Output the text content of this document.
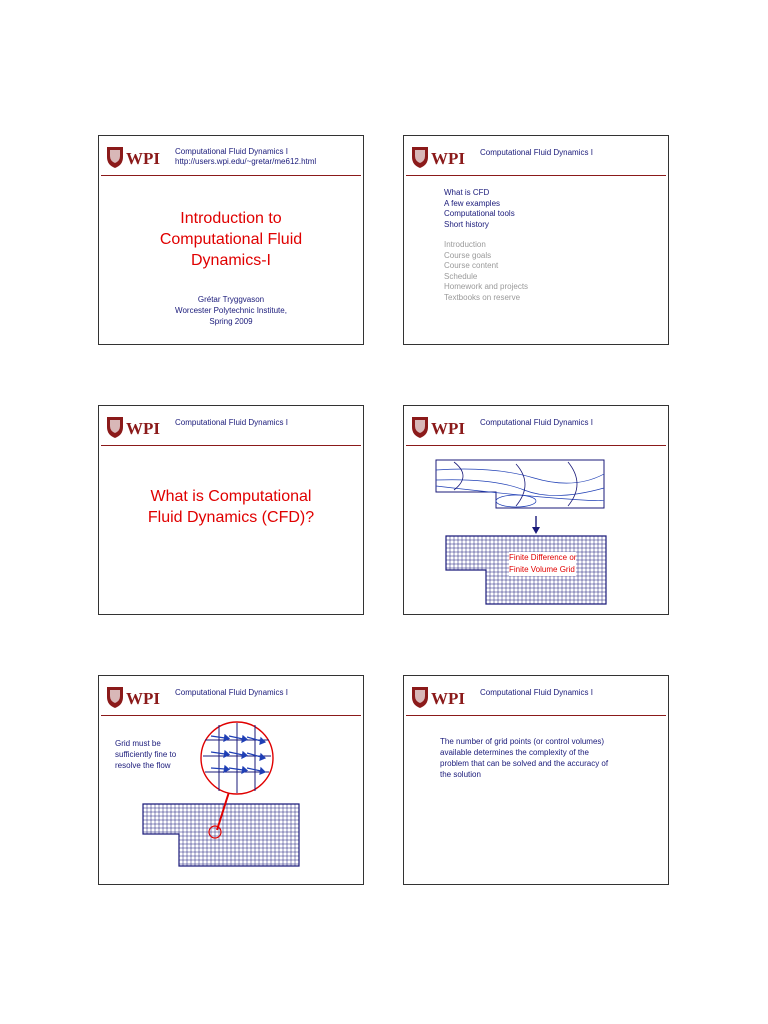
WPI Computational Fluid Dynamics I
http://users.wpi.edu/~gretar/me612.html
Introduction to
Computational Fluid
Dynamics-I
Grétar Tryggvason
Worcester Polytechnic Institute,
Spring 2009
WPI Computational Fluid Dynamics I
What is CFD
A few examples
Computational tools
Short history
Introduction
Course goals
Course content
Schedule
Homework and projects
Textbooks on reserve
WPI Computational Fluid Dynamics I
What is Computational
Fluid Dynamics (CFD)?
WPI Computational Fluid Dynamics I
Finite Difference or
Finite Volume Grid
WPI Computational Fluid Dynamics I
Grid must be sufficiently fine to resolve the flow
WPI Computational Fluid Dynamics I
The number of grid points (or control volumes) available determines the complexity of the problem that can be solved and the accuracy of the solution
